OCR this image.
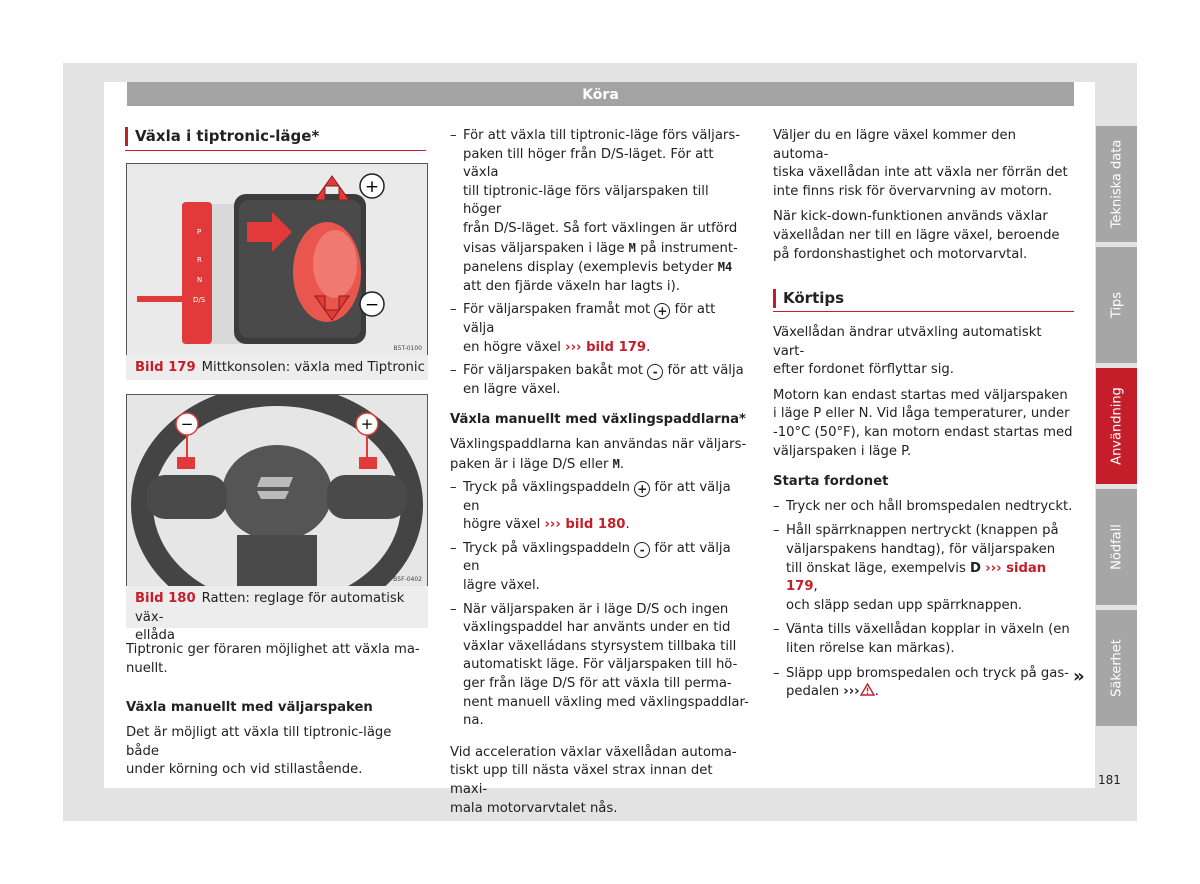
Köra
Växla i tiptronic-läge*
P
R
N
D/S
+
−
B5T-0100
Bild 179 Mittkonsolen: växla med Tiptronic
−	+
B5F-0402
Bild 180 Ratten: reglage för automatisk väx-
ellåda

Tiptronic ger föraren möjlighet att växla ma-

nuellt.

Växla manuellt med väljarspaken

Det är möjligt att växla till tiptronic-läge både

under körning och vid stillastående.

– För att växla till tiptronic-läge förs väljars-
paken till höger från D/S-läget. För att växla
till tiptronic-läge förs väljarspaken till höger
från D/S-läget. Så fort växlingen är utförd
visas väljarspaken i läge M på instrument-
panelens display (exemplevis betyder M4
att den fjärde växeln har lagts i).
– För väljarspaken framåt mot + för att välja
en högre växel ››› bild 179.
– För väljarspaken bakåt mot - för att välja
en lägre växel.
Växla manuellt med växlingspaddlarna*

Växlingspaddlarna kan användas när väljars-

paken är i läge D/S eller M.

– Tryck på växlingspaddeln + för att välja en
högre växel ››› bild 180.
– Tryck på växlingspaddeln - för att välja en
lägre växel.
– När väljarspaken är i läge D/S och ingen
växlingspaddel har använts under en tid
växlar växelládans styrsystem tillbaka till
automatiskt läge. För väljarspaken till hö-
ger från läge D/S för att växla till perma-
nent manuell växling med växlingspaddlar-
na.

Vid acceleration växlar växellådan automa-

tiskt upp till nästa växel strax innan det maxi-

mala motorvarvtalet nås.

Väljer du en lägre växel kommer den automa-

tiska växellådan inte att växla ner förrän det

inte finns risk för övervarvning av motorn.

När kick-down-funktionen används växlar

växellådan ner till en lägre växel, beroende

på fordonshastighet och motorvarvtal.

Körtips

Växellådan ändrar utväxling automatiskt vart-

efter fordonet förflyttar sig.

Motorn kan endast startas med väljarspaken

i läge P eller N. Vid låga temperaturer, under

-10°C (50°F), kan motorn endast startas med

väljarspaken i läge P.

Starta fordonet
– Tryck ner och håll bromspedalen nedtryckt.
– Håll spärrknappen nertryckt (knappen på
väljarspakens handtag), för väljarspaken
till önskat läge, exempelvis D ››› sidan 179,
och släpp sedan upp spärrknappen.
– Vänta tills växellådan kopplar in växeln (en
liten rörelse kan märkas).
– Släpp upp bromspedalen och tryck på gas-
pedalen ››› .
»
Tekniska data
Tips
Användning
Nödfall
Säkerhet
181
